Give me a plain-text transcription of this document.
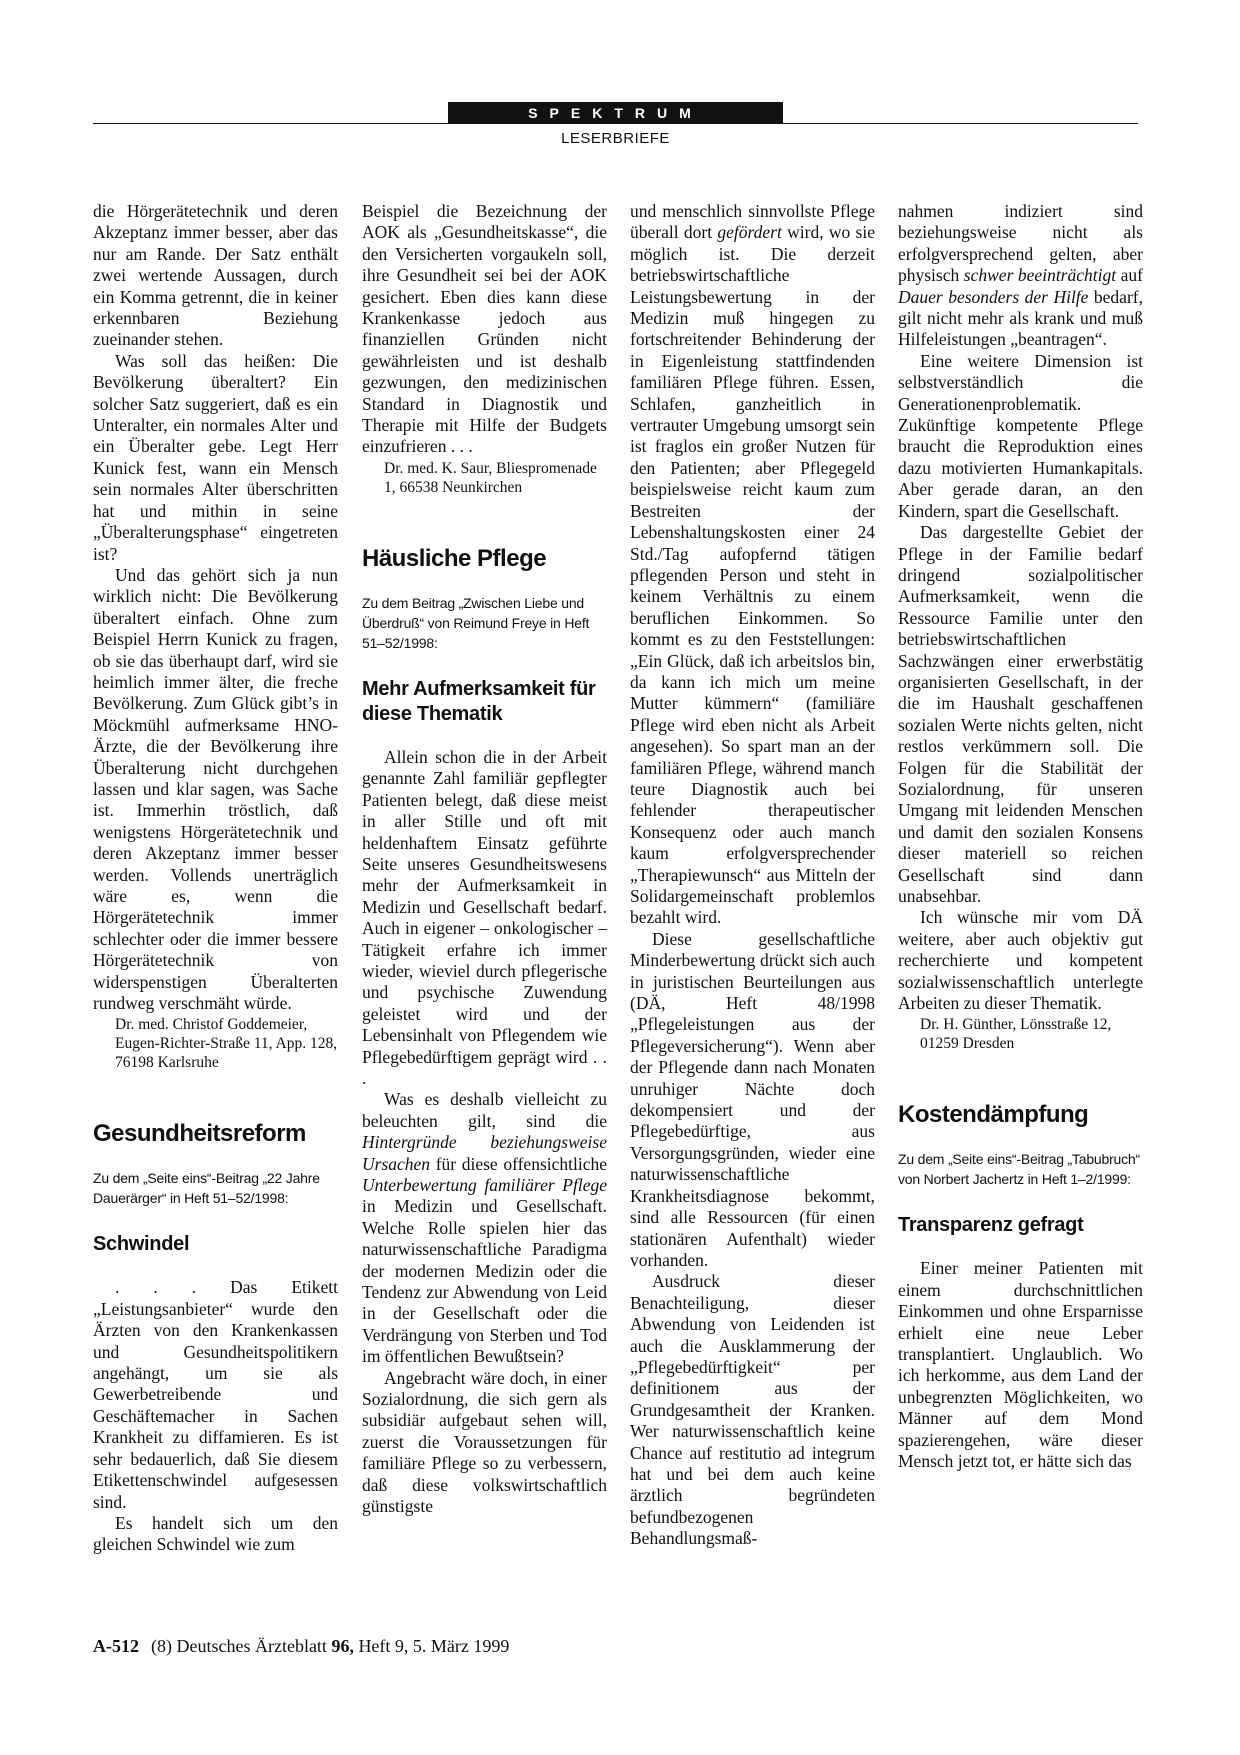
SPEKTRUM
LESERBRIEFE

die Hörgerätetechnik und deren Akzeptanz immer besser, aber das nur am Rande. Der Satz enthält zwei wertende Aussagen, durch ein Komma getrennt, die in keiner erkennbaren Beziehung zueinander stehen.

Was soll das heißen: Die Bevölkerung überaltert? Ein solcher Satz suggeriert, daß es ein Unteralter, ein normales Alter und ein Überalter gebe. Legt Herr Kunick fest, wann ein Mensch sein normales Alter überschritten hat und mithin in seine „Überalterungsphase“ eingetreten ist?

Und das gehört sich ja nun wirklich nicht: Die Bevölkerung überaltert einfach. Ohne zum Beispiel Herrn Kunick zu fragen, ob sie das überhaupt darf, wird sie heimlich immer älter, die freche Bevölkerung. Zum Glück gibt’s in Möckmühl aufmerksame HNO-Ärzte, die der Bevölkerung ihre Überalterung nicht durchgehen lassen und klar sagen, was Sache ist. Immerhin tröstlich, daß wenigstens Hörgerätetechnik und deren Akzeptanz immer besser werden. Vollends unerträglich wäre es, wenn die Hörgerätetechnik immer schlechter oder die immer bessere Hörgerätetechnik von widerspenstigen Überalterten rundweg verschmäht würde.

Dr. med. Christof Goddemeier, Eugen-Richter-Straße 11, App. 128, 76198 Karlsruhe
Gesundheitsreform
Zu dem „Seite eins“-Beitrag „22 Jahre Dauerärger“ in Heft 51–52/1998:
Schwindel

. . . Das Etikett „Leistungsanbieter“ wurde den Ärzten von den Krankenkassen und Gesundheitspolitikern angehängt, um sie als Gewerbetreibende und Geschäftemacher in Sachen Krankheit zu diffamieren. Es ist sehr bedauerlich, daß Sie diesem Etikettenschwindel aufgesessen sind.

Es handelt sich um den gleichen Schwindel wie zum

Beispiel die Bezeichnung der AOK als „Gesundheitskasse“, die den Versicherten vorgaukeln soll, ihre Gesundheit sei bei der AOK gesichert. Eben dies kann diese Krankenkasse jedoch aus finanziellen Gründen nicht gewährleisten und ist deshalb gezwungen, den medizinischen Standard in Diagnostik und Therapie mit Hilfe der Budgets einzufrieren . . .

Dr. med. K. Saur, Bliespromenade 1, 66538 Neunkirchen
Häusliche Pflege
Zu dem Beitrag „Zwischen Liebe und Überdruß“ von Reimund Freye in Heft 51–52/1998:
Mehr Aufmerksamkeit für diese Thematik

Allein schon die in der Arbeit genannte Zahl familiär gepflegter Patienten belegt, daß diese meist in aller Stille und oft mit heldenhaftem Einsatz geführte Seite unseres Gesundheitswesens mehr der Aufmerksamkeit in Medizin und Gesellschaft bedarf. Auch in eigener – onkologischer – Tätigkeit erfahre ich immer wieder, wieviel durch pflegerische und psychische Zuwendung geleistet wird und der Lebensinhalt von Pflegendem wie Pflegebedürftigem geprägt wird . . .

Was es deshalb vielleicht zu beleuchten gilt, sind die Hintergründe beziehungsweise Ursachen für diese offensichtliche Unterbewertung familiärer Pflege in Medizin und Gesellschaft. Welche Rolle spielen hier das naturwissenschaftliche Paradigma der modernen Medizin oder die Tendenz zur Abwendung von Leid in der Gesellschaft oder die Verdrängung von Sterben und Tod im öffentlichen Bewußtsein?

Angebracht wäre doch, in einer Sozialordnung, die sich gern als subsidiär aufgebaut sehen will, zuerst die Voraussetzungen für familiäre Pflege so zu verbessern, daß diese volkswirtschaftlich günstigste

und menschlich sinnvollste Pflege überall dort gefördert wird, wo sie möglich ist. Die derzeit betriebswirtschaftliche Leistungsbewertung in der Medizin muß hingegen zu fortschreitender Behinderung der in Eigenleistung stattfindenden familiären Pflege führen. Essen, Schlafen, ganzheitlich in vertrauter Umgebung umsorgt sein ist fraglos ein großer Nutzen für den Patienten; aber Pflegegeld beispielsweise reicht kaum zum Bestreiten der Lebenshaltungskosten einer 24 Std./Tag aufopfernd tätigen pflegenden Person und steht in keinem Verhältnis zu einem beruflichen Einkommen. So kommt es zu den Feststellungen: „Ein Glück, daß ich arbeitslos bin, da kann ich mich um meine Mutter kümmern“ (familiäre Pflege wird eben nicht als Arbeit angesehen). So spart man an der familiären Pflege, während manch teure Diagnostik auch bei fehlender therapeutischer Konsequenz oder auch manch kaum erfolgversprechender „Therapiewunsch“ aus Mitteln der Solidargemeinschaft problemlos bezahlt wird.

Diese gesellschaftliche Minderbewertung drückt sich auch in juristischen Beurteilungen aus (DÄ, Heft 48/1998 „Pflegeleistungen aus der Pflegeversicherung“). Wenn aber der Pflegende dann nach Monaten unruhiger Nächte doch dekompensiert und der Pflegebedürftige, aus Versorgungsgründen, wieder eine naturwissenschaftliche Krankheitsdiagnose bekommt, sind alle Ressourcen (für einen stationären Aufenthalt) wieder vorhanden.

Ausdruck dieser Benachteiligung, dieser Abwendung von Leidenden ist auch die Ausklammerung der „Pflegebedürftigkeit“ per definitionem aus der Grundgesamtheit der Kranken. Wer naturwissenschaftlich keine Chance auf restitutio ad integrum hat und bei dem auch keine ärztlich begründeten befundbezogenen Behandlungsmaß-

nahmen indiziert sind beziehungsweise nicht als erfolgversprechend gelten, aber physisch schwer beeinträchtigt auf Dauer besonders der Hilfe bedarf, gilt nicht mehr als krank und muß Hilfeleistungen „beantragen“.

Eine weitere Dimension ist selbstverständlich die Generationenproblematik. Zukünftige kompetente Pflege braucht die Reproduktion eines dazu motivierten Humankapitals. Aber gerade daran, an den Kindern, spart die Gesellschaft.

Das dargestellte Gebiet der Pflege in der Familie bedarf dringend sozialpolitischer Aufmerksamkeit, wenn die Ressource Familie unter den betriebswirtschaftlichen Sachzwängen einer erwerbstätig organisierten Gesellschaft, in der die im Haushalt geschaffenen sozialen Werte nichts gelten, nicht restlos verkümmern soll. Die Folgen für die Stabilität der Sozialordnung, für unseren Umgang mit leidenden Menschen und damit den sozialen Konsens dieser materiell so reichen Gesellschaft sind dann unabsehbar.

Ich wünsche mir vom DÄ weitere, aber auch objektiv gut recherchierte und kompetent sozialwissenschaftlich unterlegte Arbeiten zu dieser Thematik.

Dr. H. Günther, Lönsstraße 12, 01259 Dresden
Kostendämpfung
Zu dem „Seite eins“-Beitrag „Tabubruch“ von Norbert Jachertz in Heft 1–2/1999:
Transparenz gefragt

Einer meiner Patienten mit einem durchschnittlichen Einkommen und ohne Ersparnisse erhielt eine neue Leber transplantiert. Unglaublich. Wo ich herkomme, aus dem Land der unbegrenzten Möglichkeiten, wo Männer auf dem Mond spazierengehen, wäre dieser Mensch jetzt tot, er hätte sich das

A-512 (8) Deutsches Ärzteblatt 96, Heft 9, 5. März 1999
